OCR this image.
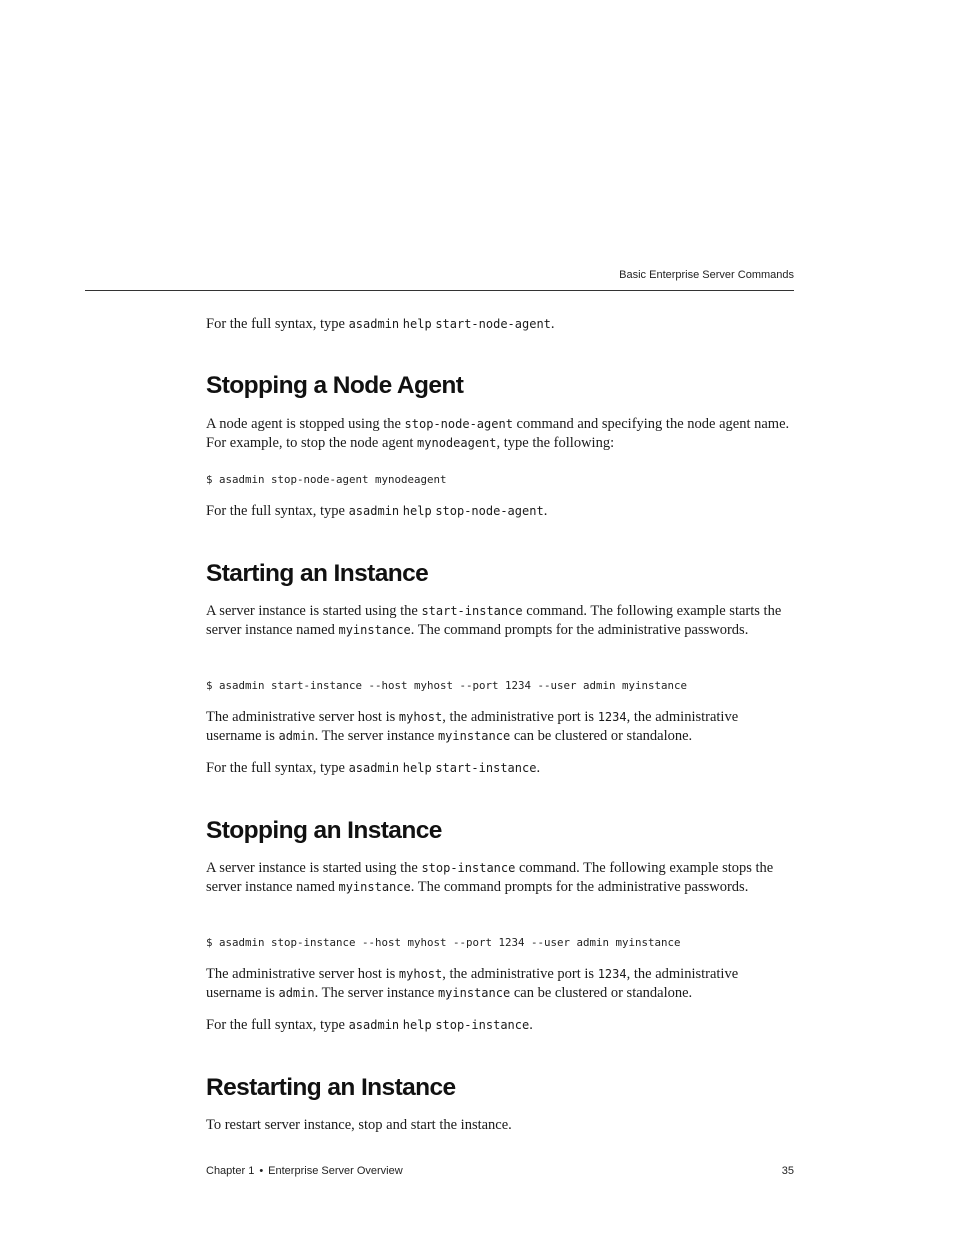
Basic Enterprise Server Commands

For the full syntax, type asadmin help start-node-agent.

Stopping a Node Agent

A node agent is stopped using the stop-node-agent command and specifying the node agent name. For example, to stop the node agent mynodeagent, type the following:

$ asadmin stop-node-agent mynodeagent

For the full syntax, type asadmin help stop-node-agent.

Starting an Instance

A server instance is started using the start-instance command. The following example starts the server instance named myinstance. The command prompts for the administrative passwords.

$ asadmin start-instance --host myhost --port 1234 --user admin myinstance

The administrative server host is myhost, the administrative port is 1234, the administrative username is admin. The server instance myinstance can be clustered or standalone.

For the full syntax, type asadmin help start-instance.

Stopping an Instance

A server instance is started using the stop-instance command. The following example stops the server instance named myinstance. The command prompts for the administrative passwords.

$ asadmin stop-instance --host myhost --port 1234 --user admin myinstance

The administrative server host is myhost, the administrative port is 1234, the administrative username is admin. The server instance myinstance can be clustered or standalone.

For the full syntax, type asadmin help stop-instance.

Restarting an Instance

To restart server instance, stop and start the instance.

Chapter 1 • Enterprise Server Overview	35
